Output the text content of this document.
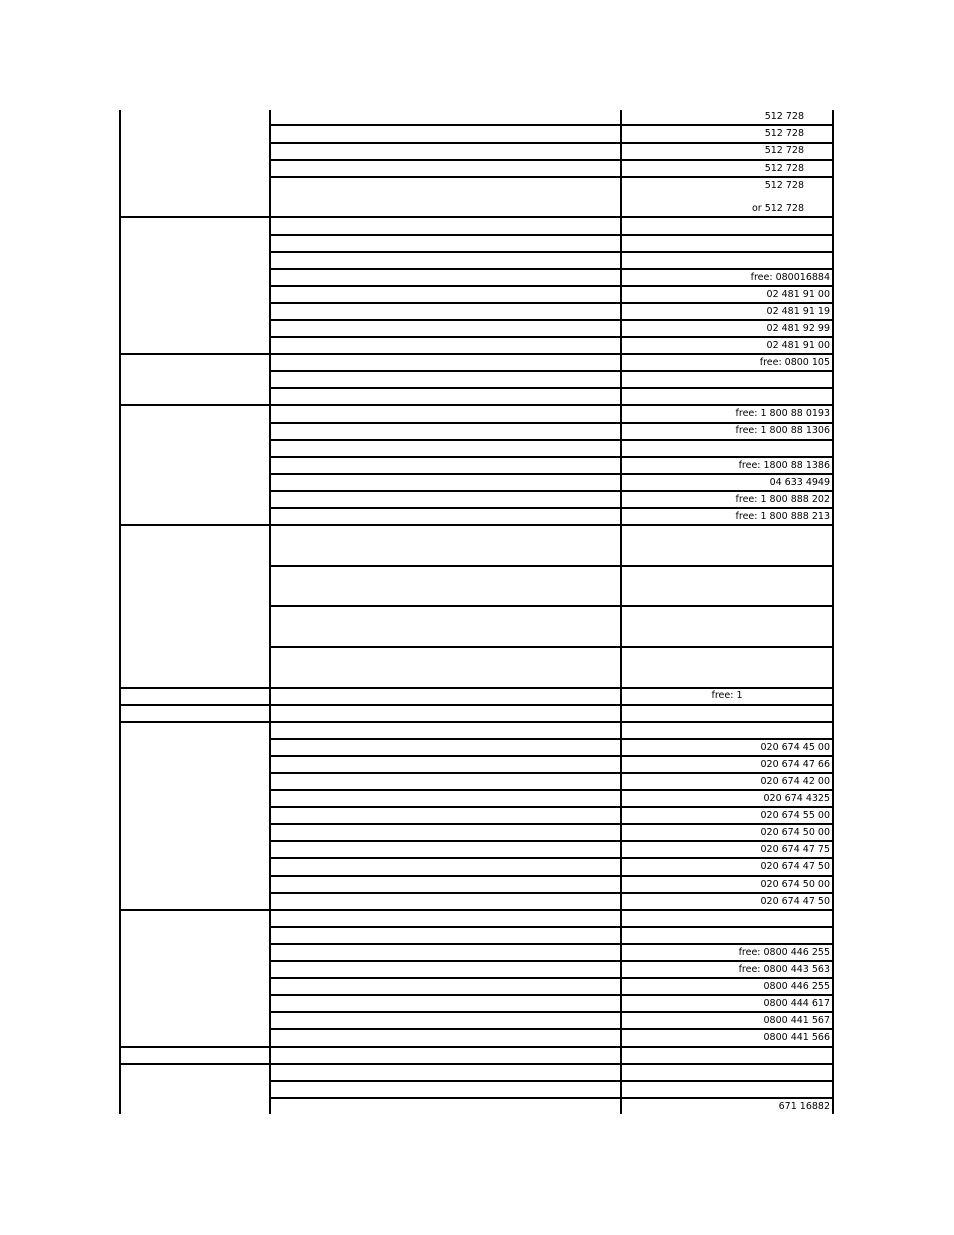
512 728
512 728
512 728
512 728
512 728
or 512 728
free: 080016884
02 481 91 00
02 481 91 19
02 481 92 99
02 481 91 00
free: 0800 105
free: 1 800 88 0193
free: 1 800 88 1306
free: 1800 88 1386
04 633 4949
free: 1 800 888 202
free: 1 800 888 213
free: 1
020 674 45 00
020 674 47 66
020 674 42 00
020 674 4325
020 674 55 00
020 674 50 00
020 674 47 75
020 674 47 50
020 674 50 00
020 674 47 50
free: 0800 446 255
free: 0800 443 563
0800 446 255
0800 444 617
0800 441 567
0800 441 566
671 16882
